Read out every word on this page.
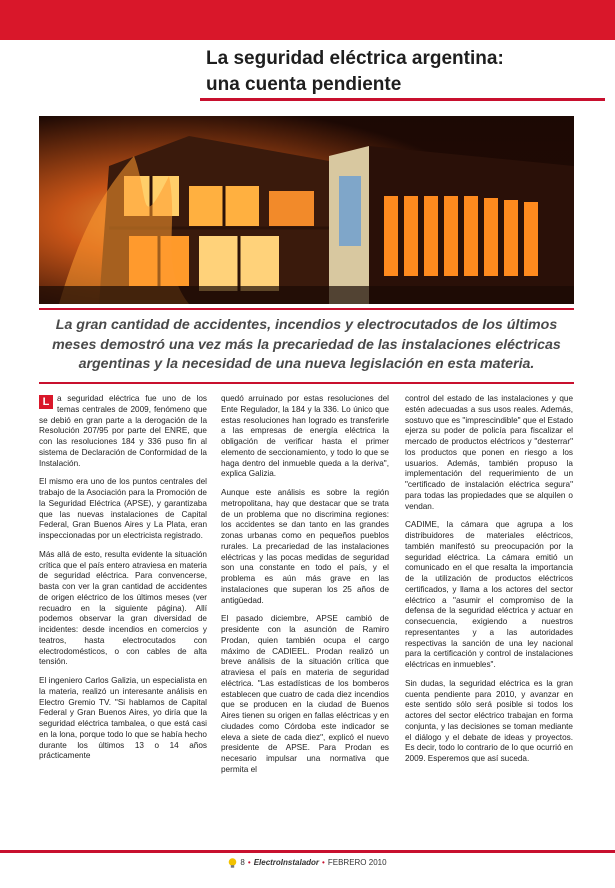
La seguridad eléctrica argentina:
una cuenta pendiente

La gran cantidad de accidentes, incendios y electrocutados de los últimos meses demostró una vez más la precariedad de las instalaciones eléctricas argentinas y la necesidad de una nueva legislación en esta materia.

L a seguridad eléctrica fue uno de los temas centrales de 2009, fenómeno que se debió en gran parte a la derogación de la Resolución 207/95 por parte del ENRE, que con las resoluciones 184 y 336 puso fin al sistema de Declaración de Conformidad de la Instalación.

El mismo era uno de los puntos centrales del trabajo de la Asociación para la Promoción de la Seguridad Eléctrica (APSE), y garantizaba que las nuevas instalaciones de Capital Federal, Gran Buenos Aires y La Plata, eran inspeccionadas por un electricista registrado.

Más allá de esto, resulta evidente la situación crítica que el país entero atraviesa en materia de seguridad eléctrica. Para convencerse, basta con ver la gran cantidad de accidentes de origen eléctrico de los últimos meses (ver recuadro en la siguiente página). Allí podemos observar la gran diversidad de incidentes: desde incendios en comercios y teatros, hasta electrocutados con electrodomésticos, o con cables de alta tensión.

El ingeniero Carlos Galizia, un especialista en la materia, realizó un interesante análisis en Electro Gremio TV. "Si hablamos de Capital Federal y Gran Buenos Aires, yo diría que la seguridad eléctrica tambalea, o que está casi en la lona, porque todo lo que se había hecho durante los últimos 13 o 14 años prácticamente

quedó arruinado por estas resoluciones del Ente Regulador, la 184 y la 336. Lo único que estas resoluciones han logrado es transferirle a las empresas de energía eléctrica la obligación de verificar hasta el primer elemento de seccionamiento, y todo lo que se haga dentro del inmueble queda a la deriva", explica Galizia.

Aunque este análisis es sobre la región metropolitana, hay que destacar que se trata de un problema que no discrimina regiones: los accidentes se dan tanto en las grandes zonas urbanas como en pequeños pueblos rurales. La precariedad de las instalaciones eléctricas y las pocas medidas de seguridad son una constante en todo el país, y el problema es aún más grave en las instalaciones que superan los 25 años de antigüedad.

El pasado diciembre, APSE cambió de presidente con la asunción de Ramiro Prodan, quien también ocupa el cargo máximo de CADIEEL. Prodan realizó un breve análisis de la situación crítica que atraviesa el país en materia de seguridad eléctrica. "Las estadísticas de los bomberos establecen que cuatro de cada diez incendios que se producen en la ciudad de Buenos Aires tienen su origen en fallas eléctricas y en ciudades como Córdoba este indicador se eleva a siete de cada diez", explicó el nuevo presidente de APSE. Para Prodan es necesario impulsar una normativa que permita el

control del estado de las instalaciones y que estén adecuadas a sus usos reales. Además, sostuvo que es "imprescindible" que el Estado ejerza su poder de policía para fiscalizar el mercado de productos eléctricos y "desterrar" los productos que ponen en riesgo a los usuarios. Además, también propuso la implementación del requerimiento de un "certificado de instalación eléctrica segura" para todas las propiedades que se alquilen o vendan.

CADIME, la cámara que agrupa a los distribuidores de materiales eléctricos, también manifestó su preocupación por la seguridad eléctrica. La cámara emitió un comunicado en el que resalta la importancia de la utilización de productos eléctricos certificados, y llama a los actores del sector eléctrico a "asumir el compromiso de la defensa de la seguridad eléctrica y actuar en consecuencia, exigiendo a nuestros representantes y a las autoridades respectivas la sanción de una ley nacional para la certificación y control de instalaciones eléctricas en inmuebles".

Sin dudas, la seguridad eléctrica es la gran cuenta pendiente para 2010, y avanzar en este sentido sólo será posible si todos los actores del sector eléctrico trabajan en forma conjunta, y las decisiones se toman mediante el diálogo y el debate de ideas y proyectos. Es decir, todo lo contrario de lo que ocurrió en 2009. Esperemos que así suceda.

8 • ElectroInstalador • FEBRERO 2010
